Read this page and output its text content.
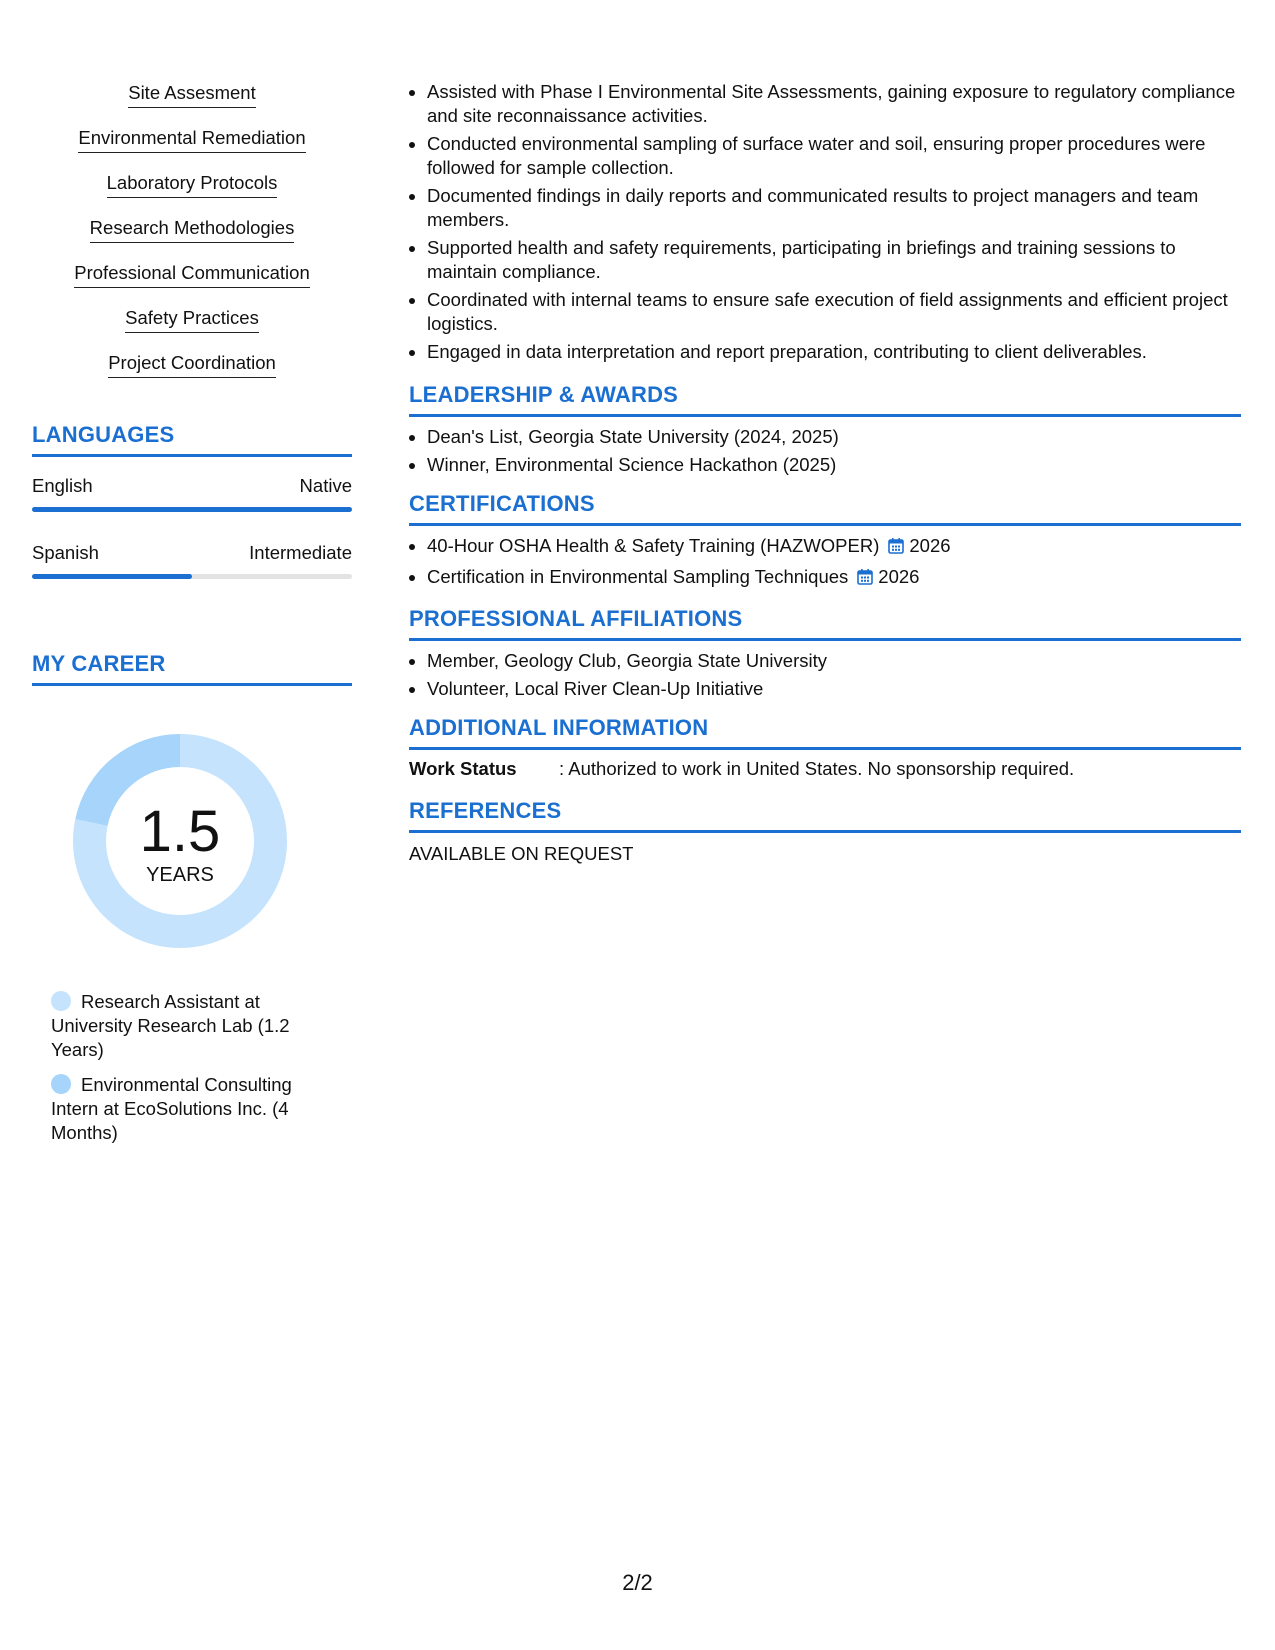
Site Assesment
Environmental Remediation
Laboratory Protocols
Research Methodologies
Professional Communication
Safety Practices
Project Coordination
LANGUAGES
English	Native
Spanish	Intermediate
MY CAREER
1.5
YEARS
Research Assistant at University Research Lab (1.2 Years)
Environmental Consulting Intern at EcoSolutions Inc. (4 Months)
• Assisted with Phase I Environmental Site Assessments, gaining exposure to regulatory compliance and site reconnaissance activities.
• Conducted environmental sampling of surface water and soil, ensuring proper procedures were followed for sample collection.
• Documented findings in daily reports and communicated results to project managers and team members.
• Supported health and safety requirements, participating in briefings and training sessions to maintain compliance.
• Coordinated with internal teams to ensure safe execution of field assignments and efficient project logistics.
• Engaged in data interpretation and report preparation, contributing to client deliverables.
LEADERSHIP & AWARDS
• Dean's List, Georgia State University (2024, 2025)
• Winner, Environmental Science Hackathon (2025)
CERTIFICATIONS
• 40-Hour OSHA Health & Safety Training (HAZWOPER) 2026
• Certification in Environmental Sampling Techniques 2026
PROFESSIONAL AFFILIATIONS
• Member, Geology Club, Georgia State University
• Volunteer, Local River Clean-Up Initiative
ADDITIONAL INFORMATION
Work Status : Authorized to work in United States. No sponsorship required.
REFERENCES
AVAILABLE ON REQUEST
2/2
